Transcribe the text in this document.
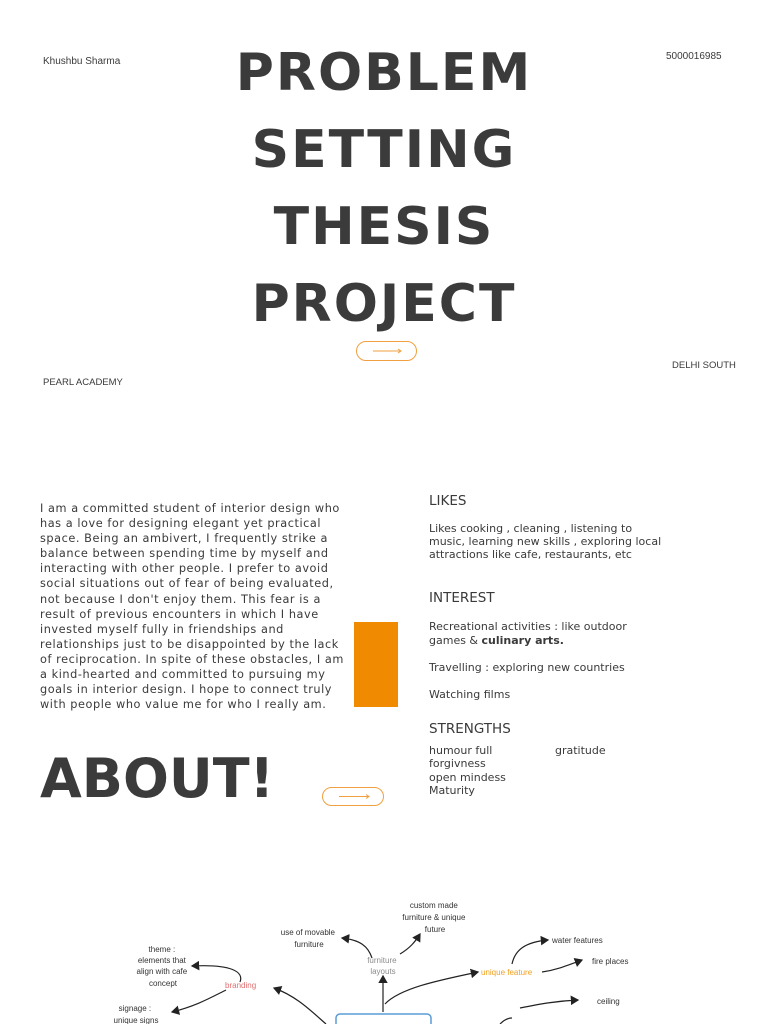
Khushbu Sharma	5000016985
PROBLEM
SETTING
THESIS
PROJECT
PEARL ACADEMY
DELHI SOUTH
I am a committed student of interior design who
has a love for designing elegant yet practical
space. Being an ambivert, I frequently strike a
balance between spending time by myself and
interacting with other people. I prefer to avoid
social situations out of fear of being evaluated,
not because I don't enjoy them. This fear is a
result of previous encounters in which I have
invested myself fully in friendships and
relationships just to be disappointed by the lack
of reciprocation. In spite of these obstacles, I am
a kind-hearted and committed to pursuing my
goals in interior design. I hope to connect truly
with people who value me for who I really am.
ABOUT!
LIKES
Likes cooking , cleaning , listening to
music, learning new skills , exploring local
attractions like cafe, restaurants, etc
INTEREST
Recreational activities : like outdoor
games & culinary arts.
Travelling : exploring new countries
Watching films
STRENGTHS
humour full
forgivness
open mindess
Maturity
gratitude
custom made furniture & unique future
use of movable furniture
furniture layouts
theme : elements that align with cafe concept	branding
signage : unique signs
unique feature
water features
fire places
ceiling
